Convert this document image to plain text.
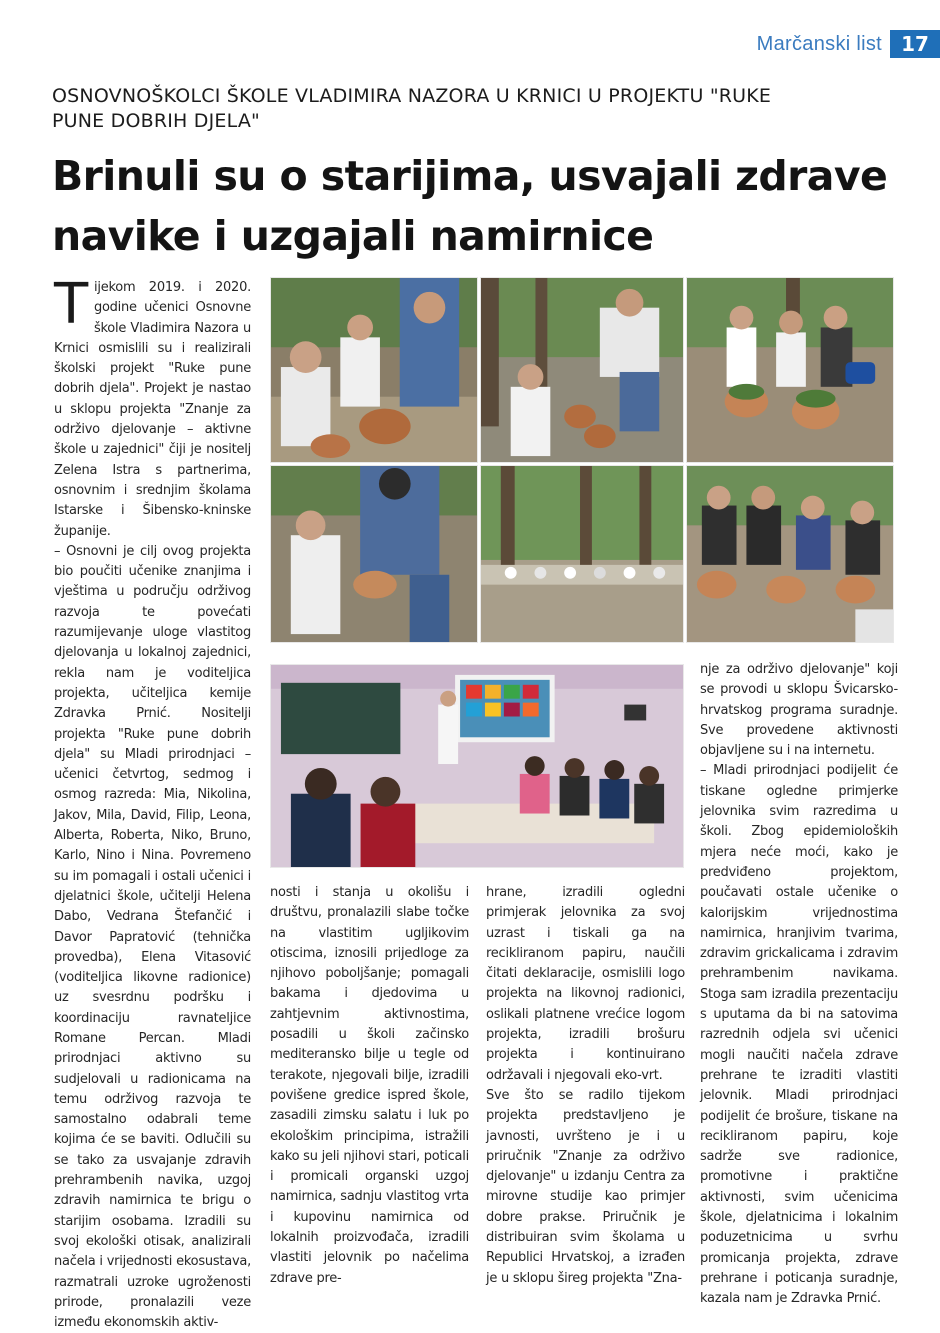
Marčanski list 17
OSNOVNOŠKOLCI ŠKOLE VLADIMIRA NAZORA U KRNICI U PROJEKTU "RUKE PUNE DOBRIH DJELA"
Brinuli su o starijima, usvajali zdrave navike i uzgajali namirnice

Tijekom 2019. i 2020. godine učenici Osnovne škole Vladimira Nazora u Krnici osmislili su i realizirali školski projekt "Ruke pune dobrih djela". Projekt je nastao u sklopu projekta "Znanje za održivo djelovanje – aktivne škole u zajednici" čiji je nositelj Zelena Istra s partnerima, osnovnim i srednjim školama Istarske i Šibensko-kninske županije.

– Osnovni je cilj ovog projekta bio poučiti učenike znanjima i vještima u području održivog razvoja te povećati razumijevanje uloge vlastitog djelovanja u lokalnoj zajednici, rekla nam je voditeljica projekta, učiteljica kemije Zdravka Prnić. Nositelji projekta "Ruke pune dobrih djela" su Mladi prirodnjaci – učenici četvrtog, sedmog i osmog razreda: Mia, Nikolina, Jakov, Mila, David, Filip, Leona, Alberta, Roberta, Niko, Bruno, Karlo, Nino i Nina. Povremeno su im pomagali i ostali učenici i djelatnici škole, učitelji Helena Dabo, Vedrana Štefančić i Davor Papratović (tehnička provedba), Elena Vitasović (voditeljica likovne radionice) uz svesrdnu podršku i koordinaciju ravnateljice Romane Percan. Mladi prirodnjaci aktivno su sudjelovali u radionicama na temu održivog razvoja te samostalno odabrali teme kojima će se baviti. Odlučili su se tako za usvajanje zdravih prehrambenih navika, uzgoj zdravih namirnica te brigu o starijim osobama. Izradili su svoj ekološki otisak, analizirali načela i vrijednosti ekosustava, razmatrali uzroke ugroženosti prirode, pronalazili veze između ekonomskih aktiv-

nosti i stanja u okolišu i društvu, pronalazili slabe točke na vlastitim ugljikovim otiscima, iznosili prijedloge za njihovo poboljšanje; pomagali bakama i djedovima u zahtjevnim aktivnostima, posadili u školi začinsko mediteransko bilje u tegle od terakote, njegovali bilje, izradili povišene gredice ispred škole, zasadili zimsku salatu i luk po ekološkim principima, istražili kako su jeli njihovi stari, poticali i promicali organski uzgoj namirnica, sadnju vlastitog vrta i kupovinu namirnica od lokalnih proizvođača, izradili vlastiti jelovnik po načelima zdrave pre-

hrane, izradili ogledni primjerak jelovnika za svoj uzrast i tiskali ga na recikliranom papiru, naučili čitati deklaracije, osmislili logo projekta na likovnoj radionici, oslikali platnene vrećice logom projekta, izradili brošuru projekta i kontinuirano održavali i njegovali eko-vrt.

Sve što se radilo tijekom projekta predstavljeno je javnosti, uvršteno je i u priručnik "Znanje za održivo djelovanje" u izdanju Centra za mirovne studije kao primjer dobre prakse. Priručnik je distribuiran svim školama u Republici Hrvatskoj, a izrađen je u sklopu šireg projekta "Zna-

nje za održivo djelovanje" koji se provodi u sklopu Švicarsko-hrvatskog programa suradnje. Sve provedene aktivnosti objavljene su i na internetu.

– Mladi prirodnjaci podijelit će tiskane ogledne primjerke jelovnika svim razredima u školi. Zbog epidemioloških mjera neće moći, kako je predviđeno projektom, poučavati ostale učenike o kalorijskim vrijednostima namirnica, hranjivim tvarima, zdravim grickalicama i zdravim prehrambenim navikama. Stoga sam izradila prezentaciju s uputama da bi na satovima razrednih odjela svi učenici mogli naučiti načela zdrave prehrane te izraditi vlastiti jelovnik. Mladi prirodnjaci podijelit će brošure, tiskane na recikliranom papiru, koje sadrže sve radionice, promotivne i praktične aktivnosti, svim učenicima škole, djelatnicima i lokalnim poduzetnicima u svrhu promicanja projekta, zdrave prehrane i poticanja suradnje, kazala nam je Zdravka Prnić.
